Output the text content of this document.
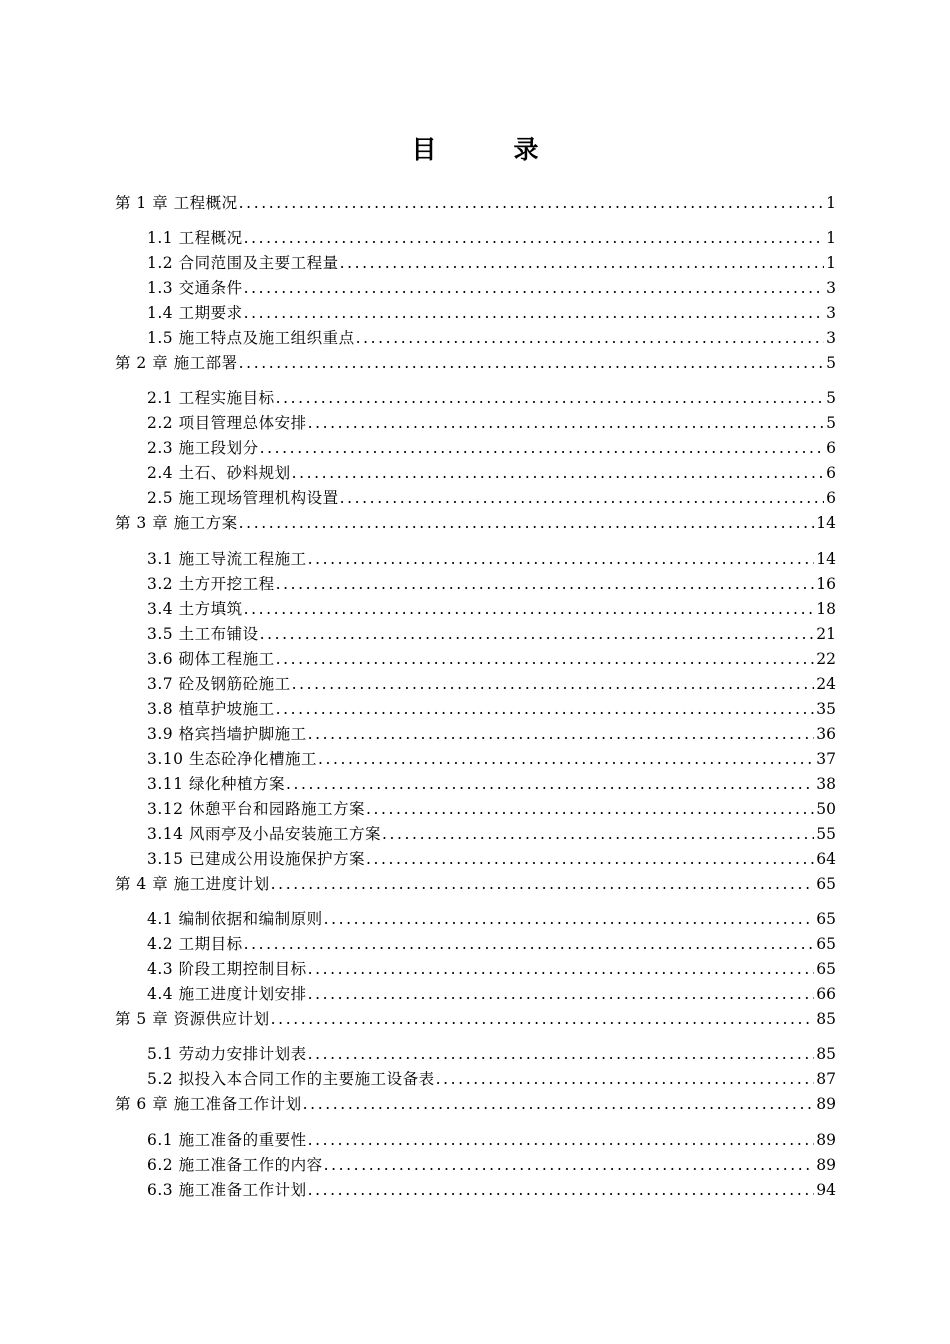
目　录
第 1 章 工程概况 .....	1
1.1 工程概况 .....	1
1.2 合同范围及主要工程量 .....	1
1.3 交通条件 .....	3
1.4 工期要求 .....	3
1.5 施工特点及施工组织重点 .....	3
第 2 章 施工部署 .....	5
2.1 工程实施目标 .....	5
2.2 项目管理总体安排 .....	5
2.3 施工段划分 .....	6
2.4 土石、砂料规划 .....	6
2.5 施工现场管理机构设置 .....	6
第 3 章 施工方案 .....	14
3.1 施工导流工程施工 .....	14
3.2 土方开挖工程 .....	16
3.4 土方填筑 .....	18
3.5 土工布铺设 .....	21
3.6 砌体工程施工 .....	22
3.7 砼及钢筋砼施工 .....	24
3.8 植草护坡施工 .....	35
3.9 格宾挡墙护脚施工 .....	36
3.10 生态砼净化槽施工 .....	37
3.11 绿化种植方案 .....	38
3.12 休憩平台和园路施工方案 .....	50
3.14 风雨亭及小品安装施工方案 .....	55
3.15 已建成公用设施保护方案 .....	64
第 4 章 施工进度计划 .....	65
4.1 编制依据和编制原则 .....	65
4.2 工期目标 .....	65
4.3 阶段工期控制目标 .....	65
4.4 施工进度计划安排 .....	66
第 5 章 资源供应计划 .....	85
5.1 劳动力安排计划表 .....	85
5.2 拟投入本合同工作的主要施工设备表 .....	87
第 6 章 施工准备工作计划 .....	89
6.1 施工准备的重要性 .....	89
6.2 施工准备工作的内容 .....	89
6.3 施工准备工作计划 .....	94
